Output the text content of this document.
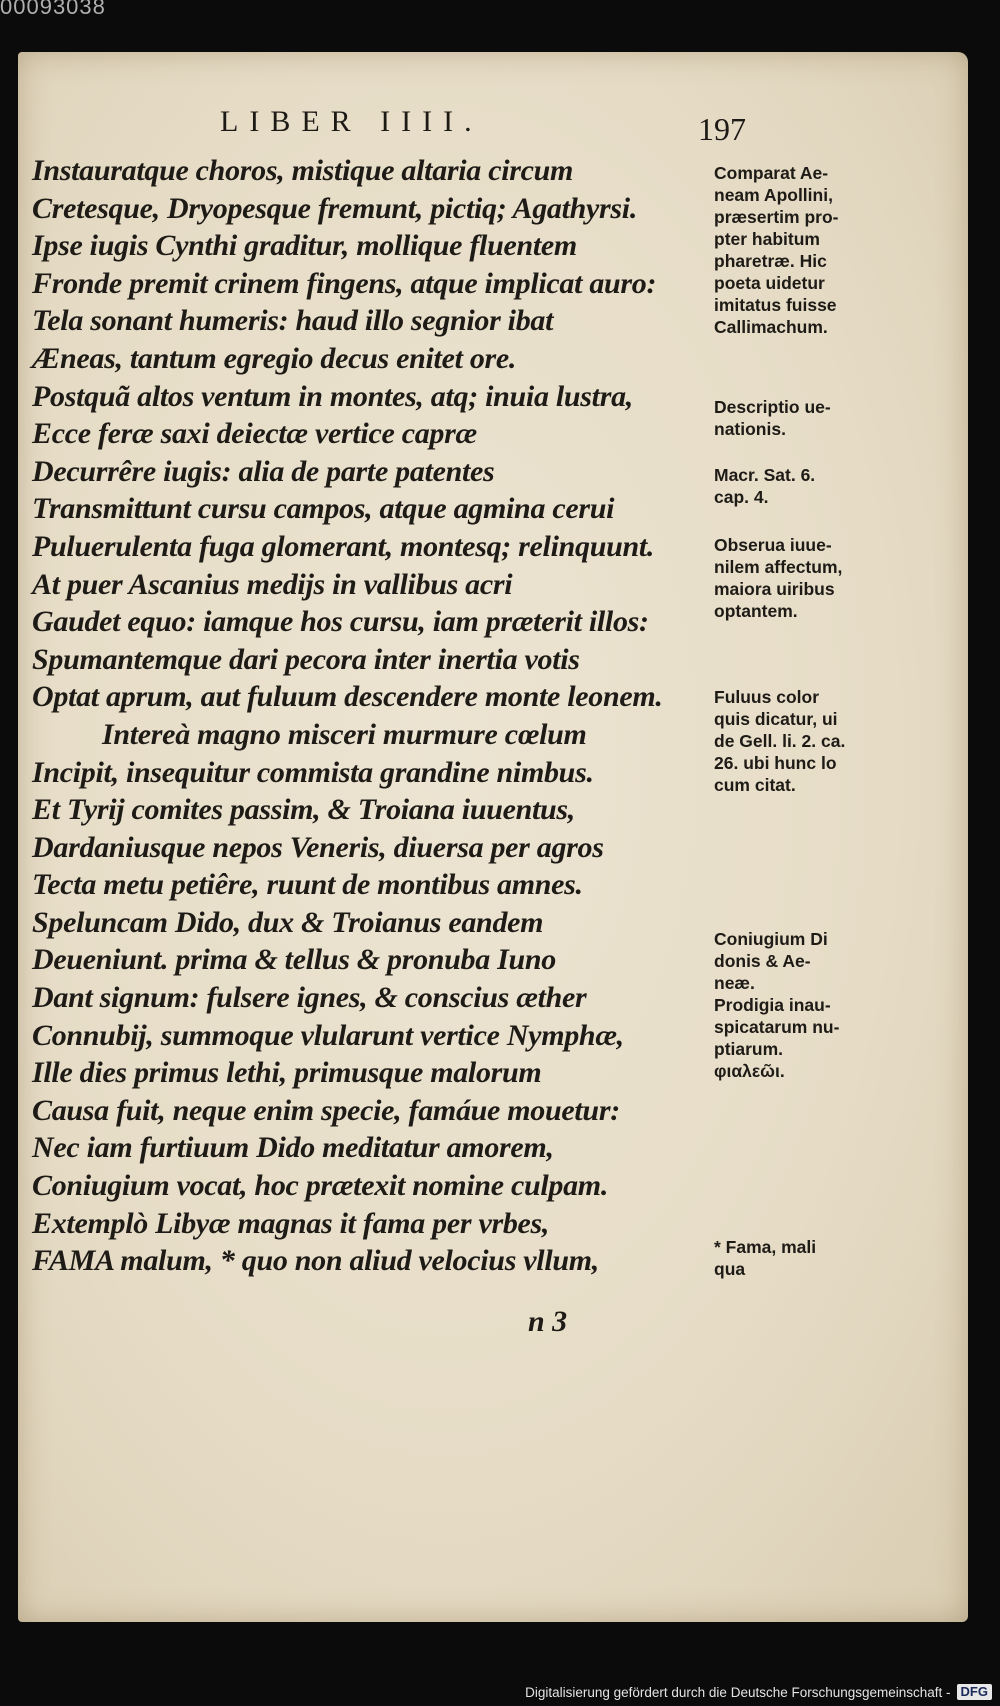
00093038
LIBER IIII.	197
Instauratque choros, mistique altaria circum
Cretesque, Dryopesque fremunt, pictiq; Agathyrsi.
Ipse iugis Cynthi graditur, mollique fluentem
Fronde premit crinem fingens, atque implicat auro:
Tela sonant humeris: haud illo segnior ibat
Æneas, tantum egregio decus enitet ore.
Postquã altos ventum in montes, atq; inuia lustra,
Ecce feræ saxi deiectæ vertice capræ
Decurrêre iugis: alia de parte patentes
Transmittunt cursu campos, atque agmina cerui
Puluerulenta fuga glomerant, montesq; relinquunt.
At puer Ascanius medijs in vallibus acri
Gaudet equo: iamque hos cursu, iam præterit illos:
Spumantemque dari pecora inter inertia votis
Optat aprum, aut fuluum descendere monte leonem.
Intereà magno misceri murmure cœlum
Incipit, insequitur commista grandine nimbus.
Et Tyrij comites passim, & Troiana iuuentus,
Dardaniusque nepos Veneris, diuersa per agros
Tecta metu petiêre, ruunt de montibus amnes.
Speluncam Dido, dux & Troianus eandem
Deueniunt. prima & tellus & pronuba Iuno
Dant signum: fulsere ignes, & conscius æther
Connubij, summoque vlularunt vertice Nymphæ,
Ille dies primus lethi, primusque malorum
Causa fuit, neque enim specie, famáue mouetur:
Nec iam furtiuum Dido meditatur amorem,
Coniugium vocat, hoc prætexit nomine culpam.
Extemplò Libyæ magnas it fama per vrbes,
FAMA malum, * quo non aliud velocius vllum,
Comparat Ae-
neam Apollini,
præsertim pro-
pter habitum
pharetræ. Hic
poeta uidetur
imitatus fuisse
Callimachum.
Descriptio ue-
nationis.
Macr. Sat. 6.
cap. 4.
Obserua iuue-
nilem affectum,
maiora uiribus
optantem.
Fuluus color
quis dicatur, ui
de Gell. li. 2. ca.
26. ubi hunc lo
cum citat.
Coniugium Di
donis & Ae-
neæ.
Prodigia inau-
spicatarum nu-
ptiarum.
φιαλεῶι.
* Fama, mali
qua
n 3
Digitalisierung gefördert durch die Deutsche Forschungsgemeinschaft - DFG
